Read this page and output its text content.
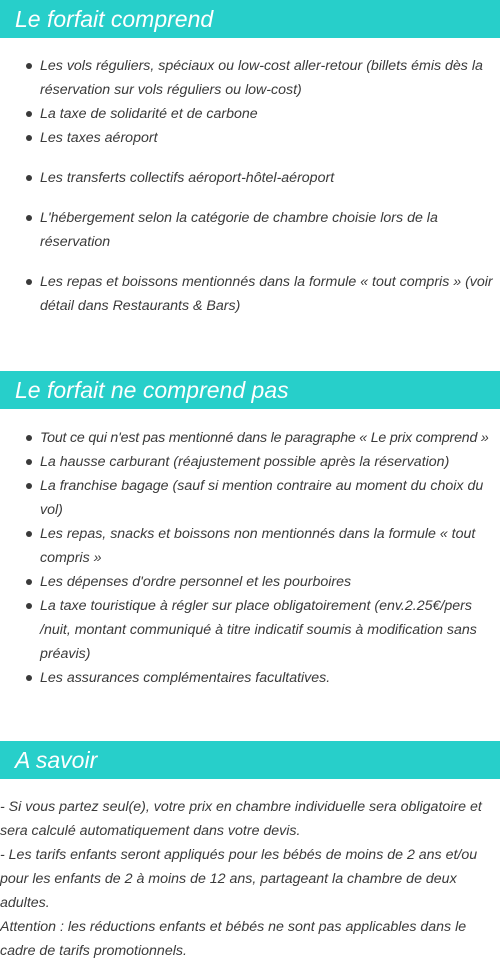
Le forfait comprend
Les vols réguliers, spéciaux ou low-cost aller-retour (billets émis dès la réservation sur vols réguliers ou low-cost)
La taxe de solidarité et de carbone
Les taxes aéroport
Les transferts collectifs aéroport-hôtel-aéroport
L'hébergement selon la catégorie de chambre choisie lors de la réservation
Les repas et boissons mentionnés dans la formule « tout compris » (voir détail dans Restaurants & Bars)
Le forfait ne comprend pas
Tout ce qui n'est pas mentionné dans le paragraphe « Le prix comprend »
La hausse carburant (réajustement possible après la réservation)
La franchise bagage (sauf si mention contraire au moment du choix du vol)
Les repas, snacks et boissons non mentionnés dans la formule « tout compris »
Les dépenses d'ordre personnel et les pourboires
La taxe touristique à régler sur place obligatoirement (env.2.25€/pers /nuit, montant communiqué à titre indicatif soumis à modification sans préavis)
Les assurances complémentaires facultatives.
A savoir
- Si vous partez seul(e), votre prix en chambre individuelle sera obligatoire et sera calculé automatiquement dans votre devis.
- Les tarifs enfants seront appliqués pour les bébés de moins de 2 ans et/ou pour les enfants de 2 à moins de 12 ans, partageant la chambre de deux adultes.
Attention : les réductions enfants et bébés ne sont pas applicables dans le cadre de tarifs promotionnels.
